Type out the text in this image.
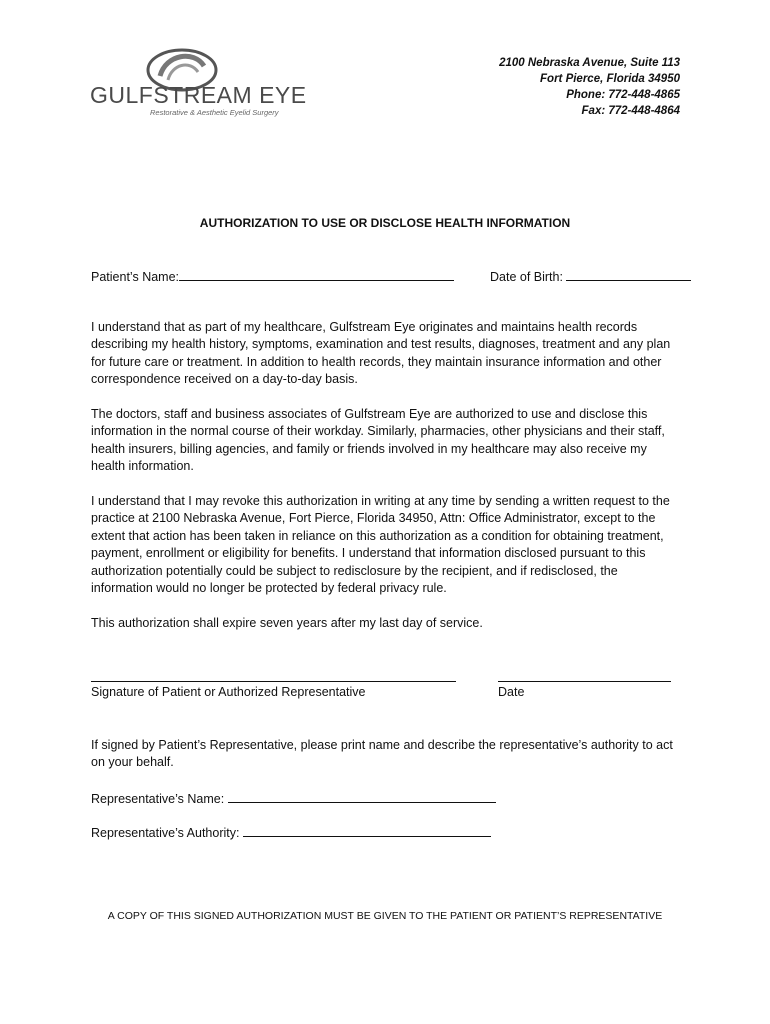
GULFSTREAM EYE
Restorative & Aesthetic Eyelid Surgery
2100 Nebraska Avenue, Suite 113
Fort Pierce, Florida 34950
Phone: 772-448-4865
Fax: 772-448-4864
AUTHORIZATION TO USE OR DISCLOSE HEALTH INFORMATION
Patient’s Name:	Date of Birth:
I understand that as part of my healthcare, Gulfstream Eye originates and maintains health records describing my health history, symptoms, examination and test results, diagnoses, treatment and any plan for future care or treatment. In addition to health records, they maintain insurance information and other correspondence received on a day-to-day basis.
The doctors, staff and business associates of Gulfstream Eye are authorized to use and disclose this information in the normal course of their workday. Similarly, pharmacies, other physicians and their staff, health insurers, billing agencies, and family or friends involved in my healthcare may also receive my health information.
I understand that I may revoke this authorization in writing at any time by sending a written request to the practice at 2100 Nebraska Avenue, Fort Pierce, Florida 34950, Attn: Office Administrator, except to the extent that action has been taken in reliance on this authorization as a condition for obtaining treatment, payment, enrollment or eligibility for benefits. I understand that information disclosed pursuant to this authorization potentially could be subject to redisclosure by the recipient, and if redisclosed, the information would no longer be protected by federal privacy rule.
This authorization shall expire seven years after my last day of service.
Signature of Patient or Authorized Representative	Date
If signed by Patient’s Representative, please print name and describe the representative’s authority to act on your behalf.
Representative’s Name:
Representative’s Authority:
A COPY OF THIS SIGNED AUTHORIZATION MUST BE GIVEN TO THE PATIENT OR PATIENT’S REPRESENTATIVE
